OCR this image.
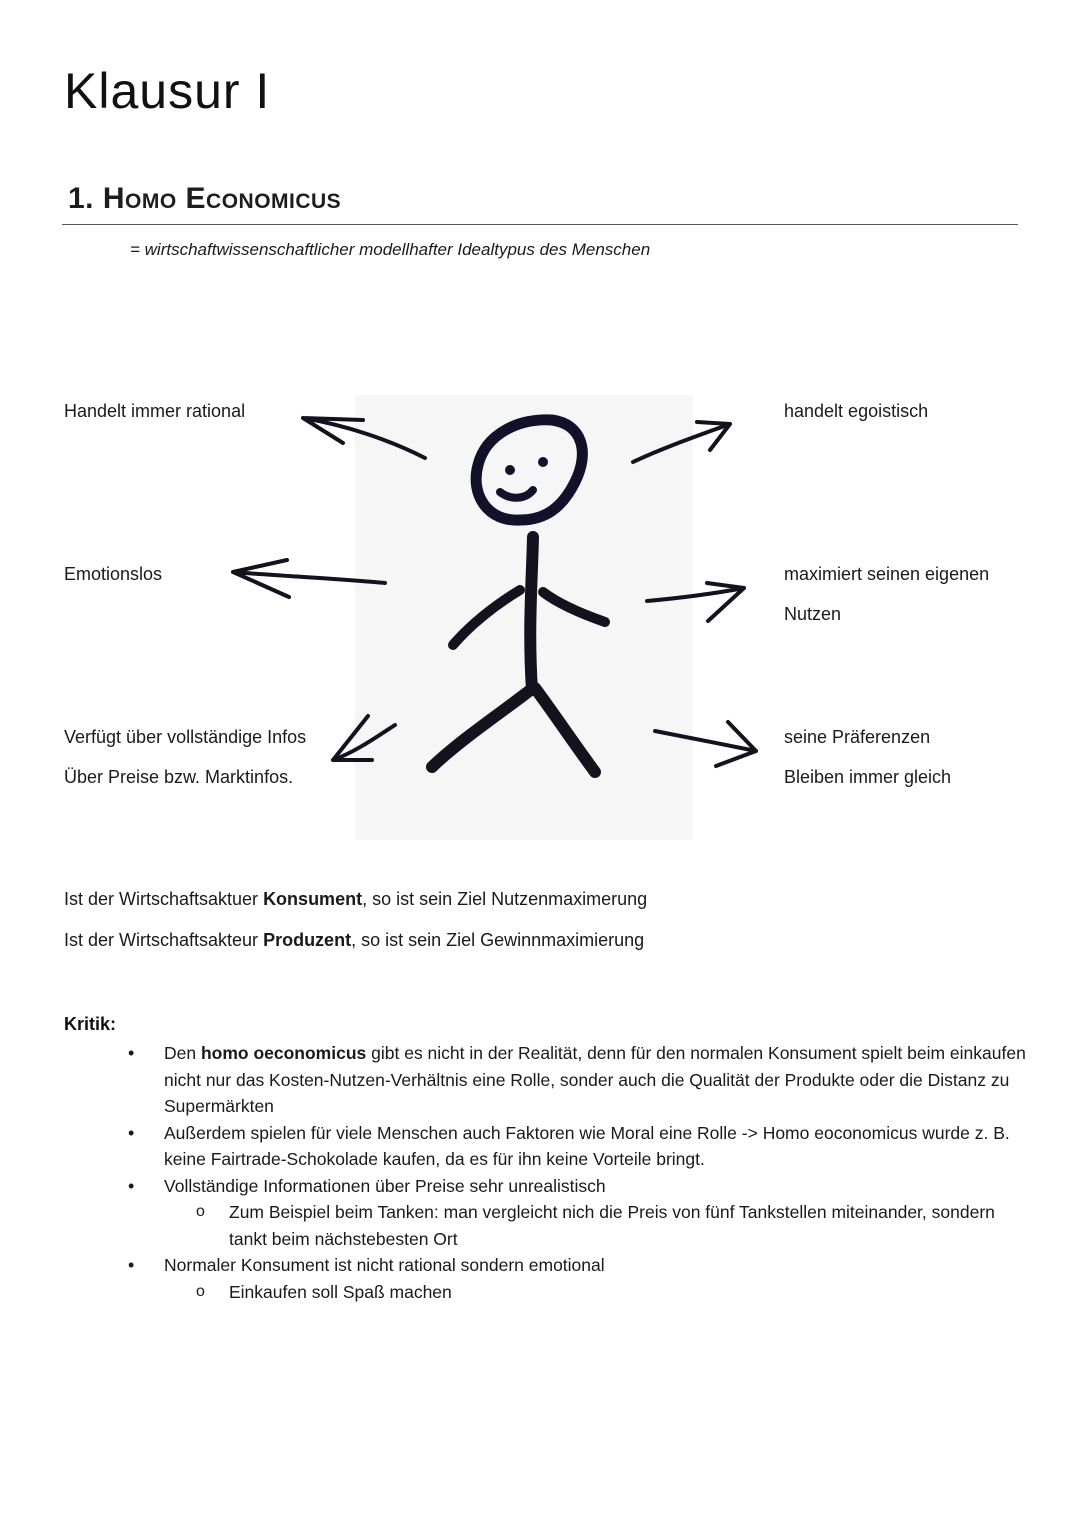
Klausur I
1. Homo Economicus
= wirtschaftwissenschaftlicher modellhafter Idealtypus des Menschen
Handelt immer rational
Emotionslos
Verfügt über vollständige Infos
Über Preise bzw. Marktinfos.
handelt egoistisch
maximiert seinen eigenen
Nutzen
seine Präferenzen
Bleiben immer gleich
Ist der Wirtschaftsaktuer Konsument, so ist sein Ziel Nutzenmaximerung
Ist der Wirtschaftsakteur Produzent, so ist sein Ziel Gewinnmaximierung
Kritik:
• Den homo oeconomicus gibt es nicht in der Realität, denn für den normalen Konsument spielt beim einkaufen nicht nur das Kosten-Nutzen-Verhältnis eine Rolle, sonder auch die Qualität der Produkte oder die Distanz zu Supermärkten
• Außerdem spielen für viele Menschen auch Faktoren wie Moral eine Rolle -> Homo eoconomicus wurde z. B. keine Fairtrade-Schokolade kaufen, da es für ihn keine Vorteile bringt.
• Vollständige Informationen über Preise sehr unrealistisch
o Zum Beispiel beim Tanken: man vergleicht nich die Preis von fünf Tankstellen miteinander, sondern tankt beim nächstebesten Ort
• Normaler Konsument ist nicht rational sondern emotional
o Einkaufen soll Spaß machen
